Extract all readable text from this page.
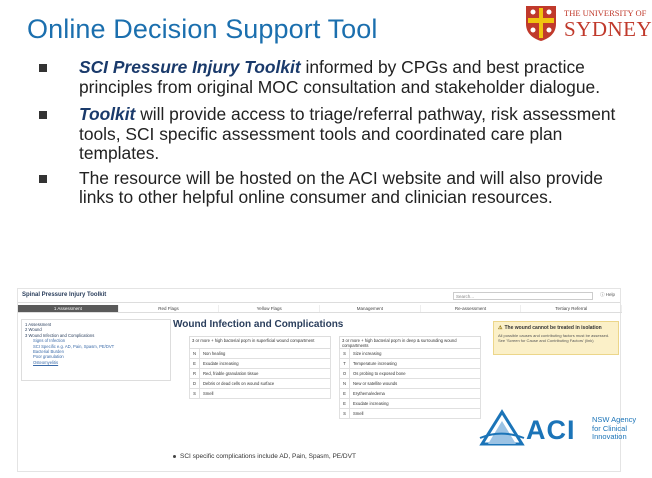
Online Decision Support Tool
THE UNIVERSITY OF
SYDNEY
SCI Pressure Injury Toolkit informed by CPGs and best practice principles from original MOC consultation and stakeholder dialogue.
Toolkit will provide access to triage/referral pathway, risk assessment tools, SCI specific assessment tools and coordinated care plan templates.
The resource will be hosted on the ACI website and will also provide links to other helpful online consumer and clinician resources.
Spinal Pressure Injury Toolkit	Search...	ⓘ Help
1 Assessment	Red Flags	Yellow Flags	Management	Re-assessment	Tertiary Referral
1 Assessment
2 Wound
3 Wound Infection and Complications
Signs of Infection
SCI Specific e.g. AD, Pain, Spasm, PE/DVT
Bacterial Burden
Poor granulation
Osteomyelitis
Wound Infection and Complications
3 or more + high bacterial pop'n in superficial wound compartment
N	Non healing
E	Exudate increasing
R	Red, friable granulation tissue
D	Debris or dead cells on wound surface
S	Smell
3 or more + high bacterial pop'n in deep & surrounding wound compartments
S	Size increasing
T	Temperature increasing
O	Os probing to exposed bone
N	New or satellite wounds
E	Erythema/edema
E	Exudate increasing
S	Smell
⚠ The wound cannot be treated in isolation
All possible causes and contributing factors must be assessed. See 'Screen for Cause and Contributing Factors' (link)
SCI specific complications include AD, Pain, Spasm, PE/DVT
ACI NSW Agency
for Clinical
Innovation
